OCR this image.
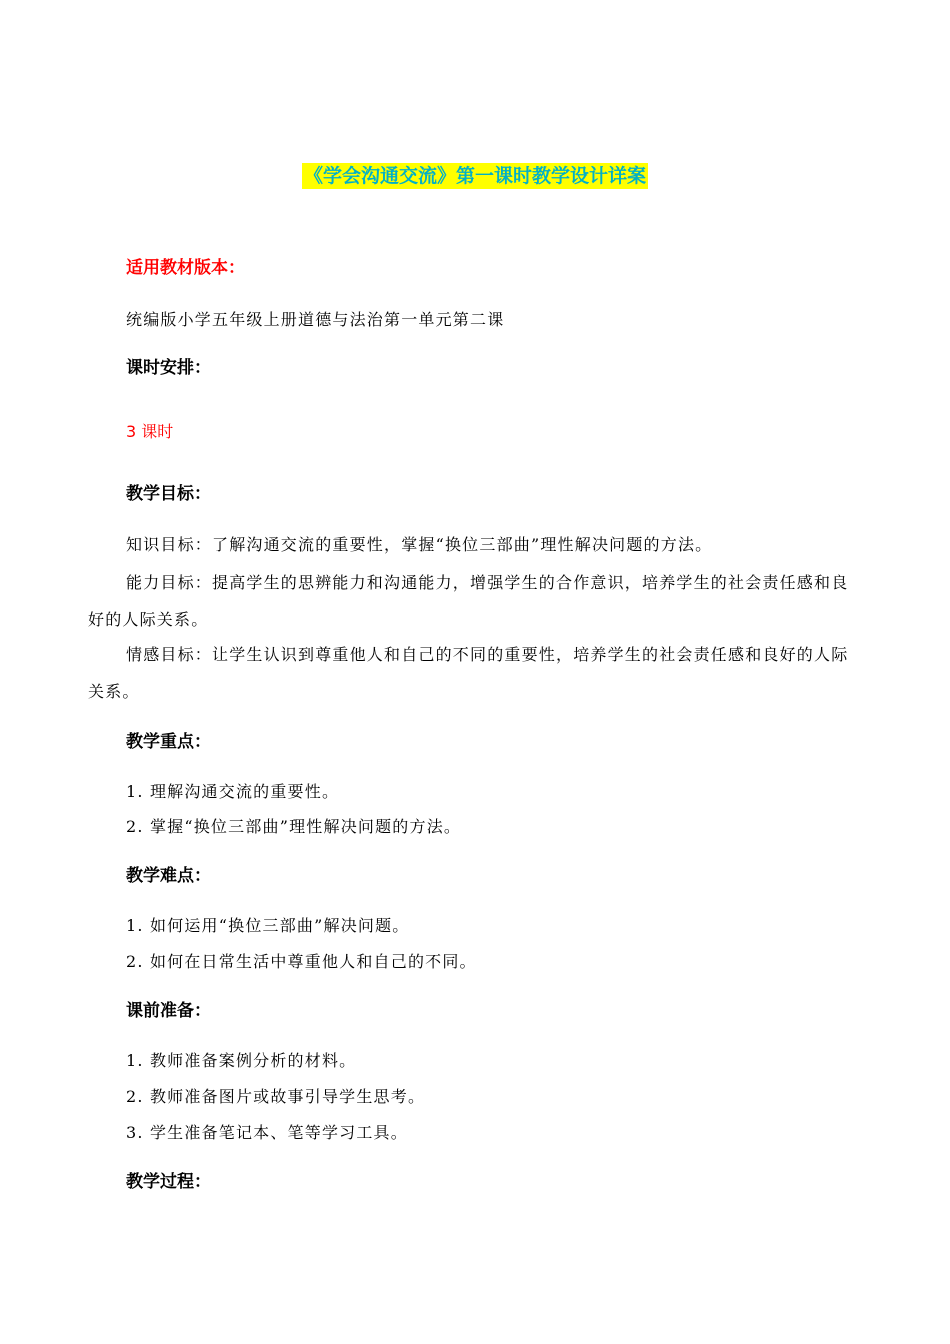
《学会沟通交流》第一课时教学设计详案
适用教材版本：
统编版小学五年级上册道德与法治第一单元第二课
课时安排：
3 课时
教学目标：
知识目标：了解沟通交流的重要性，掌握“换位三部曲”理性解决问题的方法。
能力目标：提高学生的思辨能力和沟通能力，增强学生的合作意识，培养学生的社会责任感和良好的人际关系。
情感目标：让学生认识到尊重他人和自己的不同的重要性，培养学生的社会责任感和良好的人际关系。
教学重点：
1. 理解沟通交流的重要性。
2. 掌握“换位三部曲”理性解决问题的方法。
教学难点：
1. 如何运用“换位三部曲”解决问题。
2. 如何在日常生活中尊重他人和自己的不同。
课前准备：
1. 教师准备案例分析的材料。
2. 教师准备图片或故事引导学生思考。
3. 学生准备笔记本、笔等学习工具。
教学过程：
